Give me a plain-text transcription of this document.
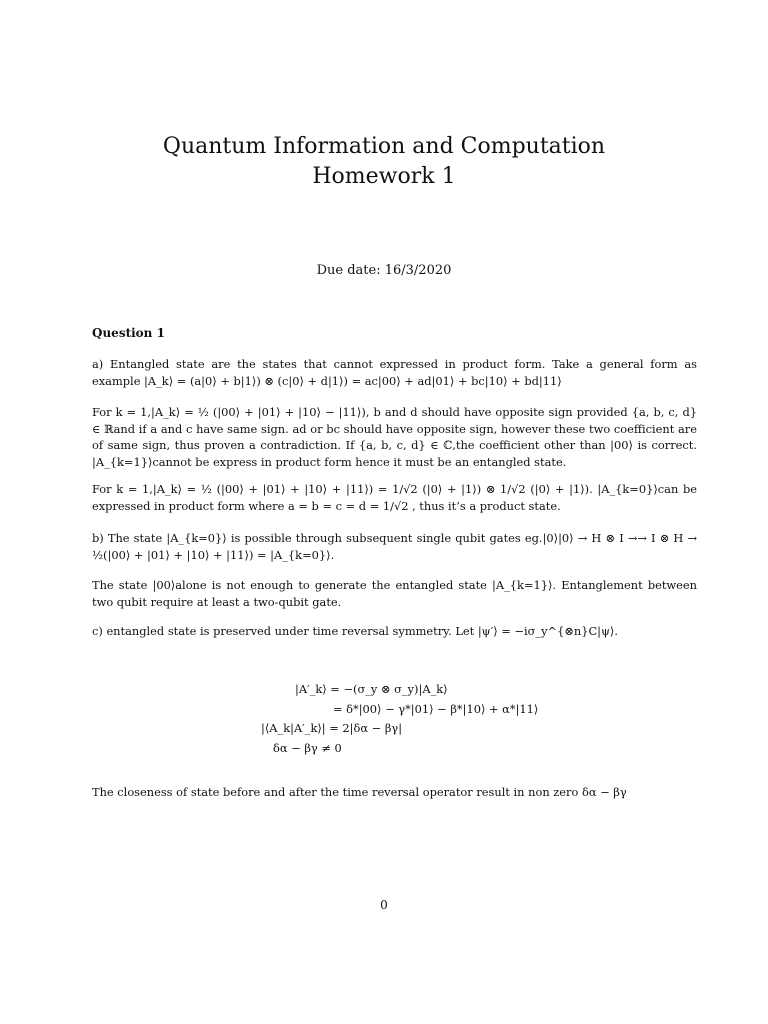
Quantum Information and Computation
Homework 1
Due date: 16/3/2020
Question 1
a) Entangled state are the states that cannot expressed in product form. Take a general form as example |A_k⟩ = (a|0⟩ + b|1⟩) ⊗ (c|0⟩ + d|1⟩) = ac|00⟩ + ad|01⟩ + bc|10⟩ + bd|11⟩
For k = 1,|A_k⟩ = ½ (|00⟩ + |01⟩ + |10⟩ − |11⟩), b and d should have opposite sign provided {a, b, c, d} ∈ ℝand if a and c have same sign. ad or bc should have opposite sign, however these two coefficient are of same sign, thus proven a contradiction. If {a, b, c, d} ∈ ℂ,the coefficient other than |00⟩ is correct. |A_{k=1}⟩cannot be express in product form hence it must be an entangled state.
For k = 1,|A_k⟩ = ½ (|00⟩ + |01⟩ + |10⟩ + |11⟩) = 1/√2 (|0⟩ + |1⟩) ⊗ 1/√2 (|0⟩ + |1⟩). |A_{k=0}⟩can be expressed in product form where a = b = c = d = 1/√2 , thus it’s a product state.
b) The state |A_{k=0}⟩ is possible through subsequent single qubit gates eg.|0⟩|0⟩ → H ⊗ I →→ I ⊗ H → ½(|00⟩ + |01⟩ + |10⟩ + |11⟩) = |A_{k=0}⟩.
The state |00⟩alone is not enough to generate the entangled state |A_{k=1}⟩. Entanglement between two qubit require at least a two-qubit gate.
c) entangled state is preserved under time reversal symmetry. Let |ψ′⟩ = −iσ_y^{⊗n}C|ψ⟩.
|A′_k⟩ = −(σ_y ⊗ σ_y)|A_k⟩
= δ*|00⟩ − γ*|01⟩ − β*|10⟩ + α*|11⟩
|⟨A_k|A′_k⟩| = 2|δα − βγ|
δα − βγ ≠ 0
The closeness of state before and after the time reversal operator result in non zero δα − βγ
0
